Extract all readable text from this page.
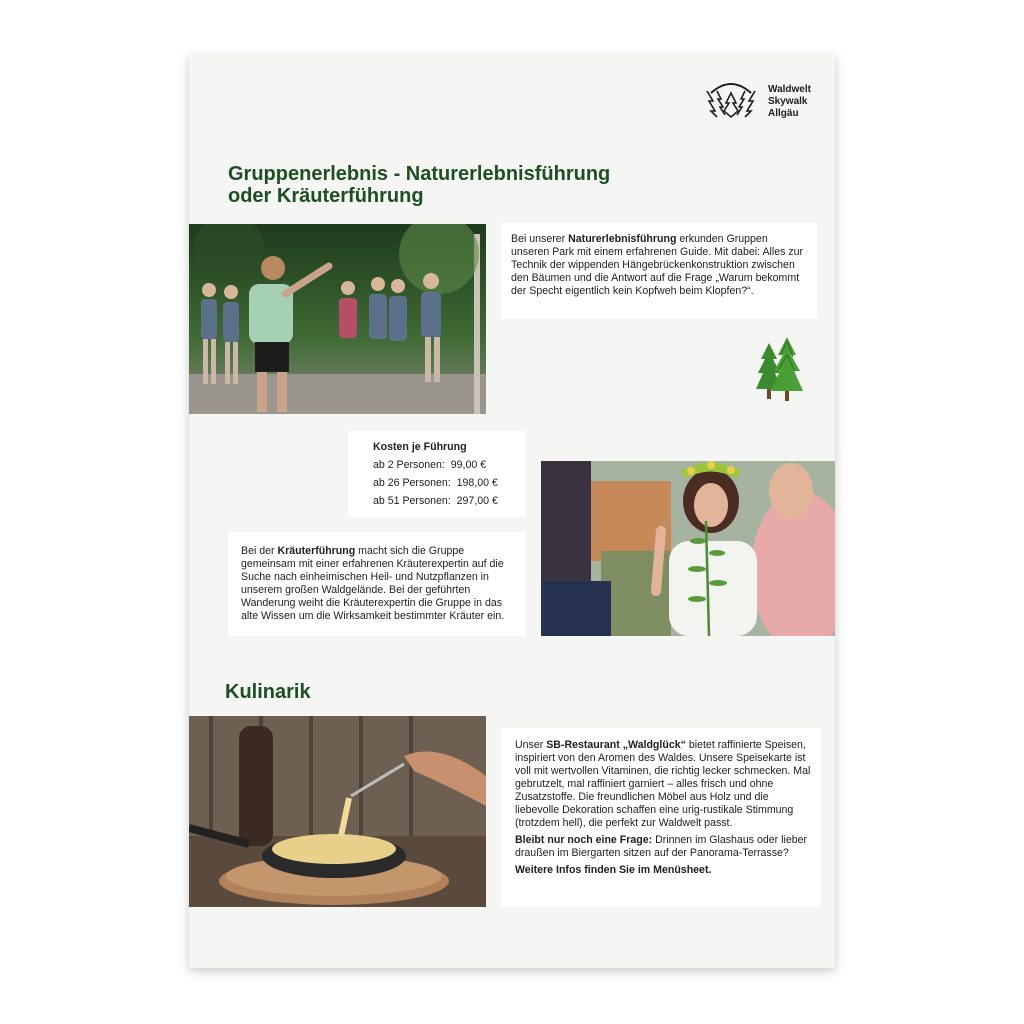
Waldwelt
Skywalk
Allgäu
Gruppenerlebnis - Naturerlebnisführung oder Kräuterführung

Bei unserer Naturerlebnisführung erkunden Gruppen unseren Park mit einem erfahrenen Guide. Mit dabei: Alles zur Technik der wippenden Hängebrückenkonstruktion zwischen den Bäumen und die Antwort auf die Frage „Warum bekommt der Specht eigentlich kein Kopfweh beim Klopfen?“.

Kosten je Führung
ab 2 Personen: 99,00 €
ab 26 Personen: 198,00 €
ab 51 Personen: 297,00 €

Bei der Kräuterführung macht sich die Gruppe gemeinsam mit einer erfahrenen Kräuterexpertin auf die Suche nach einheimischen Heil- und Nutzpflanzen in unserem großen Waldgelände. Bei der geführten Wanderung weiht die Kräuterexpertin die Gruppe in das alte Wissen um die Wirksamkeit bestimmter Kräuter ein.

Kulinarik

Unser SB-Restaurant „Waldglück“ bietet raffinierte Speisen, inspiriert von den Aromen des Waldes. Unsere Speisekarte ist voll mit wertvollen Vitaminen, die richtig lecker schmecken. Mal gebrutzelt, mal raffiniert garniert – alles frisch und ohne Zusatzstoffe. Die freundlichen Möbel aus Holz und die liebevolle Dekoration schaffen eine urig-rustikale Stimmung (trotzdem hell), die perfekt zur Waldwelt passt.

Bleibt nur noch eine Frage: Drinnen im Glashaus oder lieber draußen im Biergarten sitzen auf der Panorama-Terrasse?

Weitere Infos finden Sie im Menüsheet.
